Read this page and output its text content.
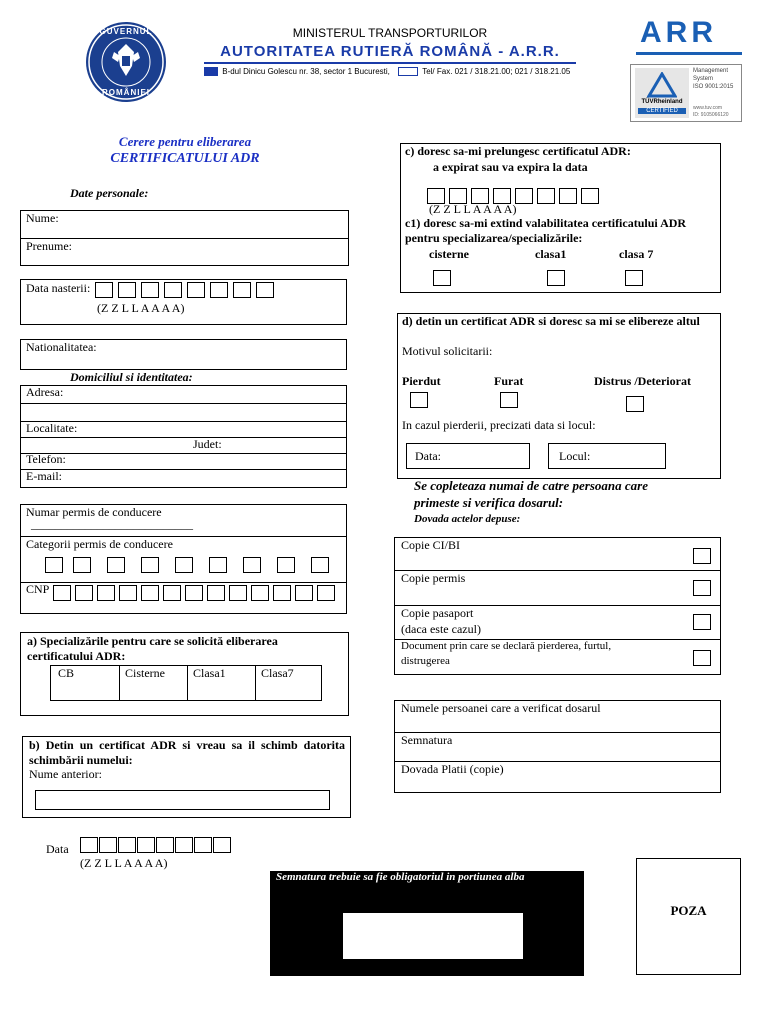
GUVERNUL
ROMÂNIEI
MINISTERUL TRANSPORTURILOR
AUTORITATEA RUTIERĂ ROMÂNĂ - A.R.R.
B-dul Dinicu Golescu nr. 38, sector 1 Bucuresti,	Tel/ Fax. 021 / 318.21.00; 021 / 318.21.05
ARR
TÜVRheinland
CERTIFIED
Management
System
ISO 9001:2015
www.tuv.com
ID: 9105066120
Cerere pentru eliberarea
CERTIFICATULUI ADR
Date personale:
Nume:
Prenume:
Data nasterii:
(Z Z L L A A A A)
Nationalitatea:
Domiciliul si identitatea:
Adresa:
Localitate:
Judet:
Telefon:
E-mail:
Numar permis de conducere
___________________________
Categorii permis de conducere
CNP
a) Specializările pentru care se solicită eliberarea certificatului ADR:
CB	Cisterne Clasa1	Clasa7
b) Detin un certificat ADR si vreau sa il schimb datorita schimbării numelui:
Nume anterior:
c) doresc sa-mi prelungesc certificatul ADR:
a expirat sau va expira la data
(Z Z L L A A A A)
c1) doresc sa-mi extind valabilitatea certificatului ADR pentru specializarea/specializările:
cisterne	clasa1	clasa 7
d) detin un certificat ADR si doresc sa mi se elibereze altul
Motivul solicitarii:
Pierdut	Furat	Distrus /Deteriorat
In cazul pierderii, precizati data si locul:
Data:	Locul:
Se copleteaza numai de catre persoana care
primeste si verifica dosarul:
Dovada actelor depuse:
Copie CI/BI
Copie permis
Copie pasaport
(daca este cazul)
Document prin care se declară pierderea, furtul,
distrugerea
Numele persoanei care a verificat dosarul
Semnatura
Dovada Platii (copie)
Data
(Z Z L L A A A A)
Semnatura trebuie sa fie obligatoriul in portiunea alba
POZA
